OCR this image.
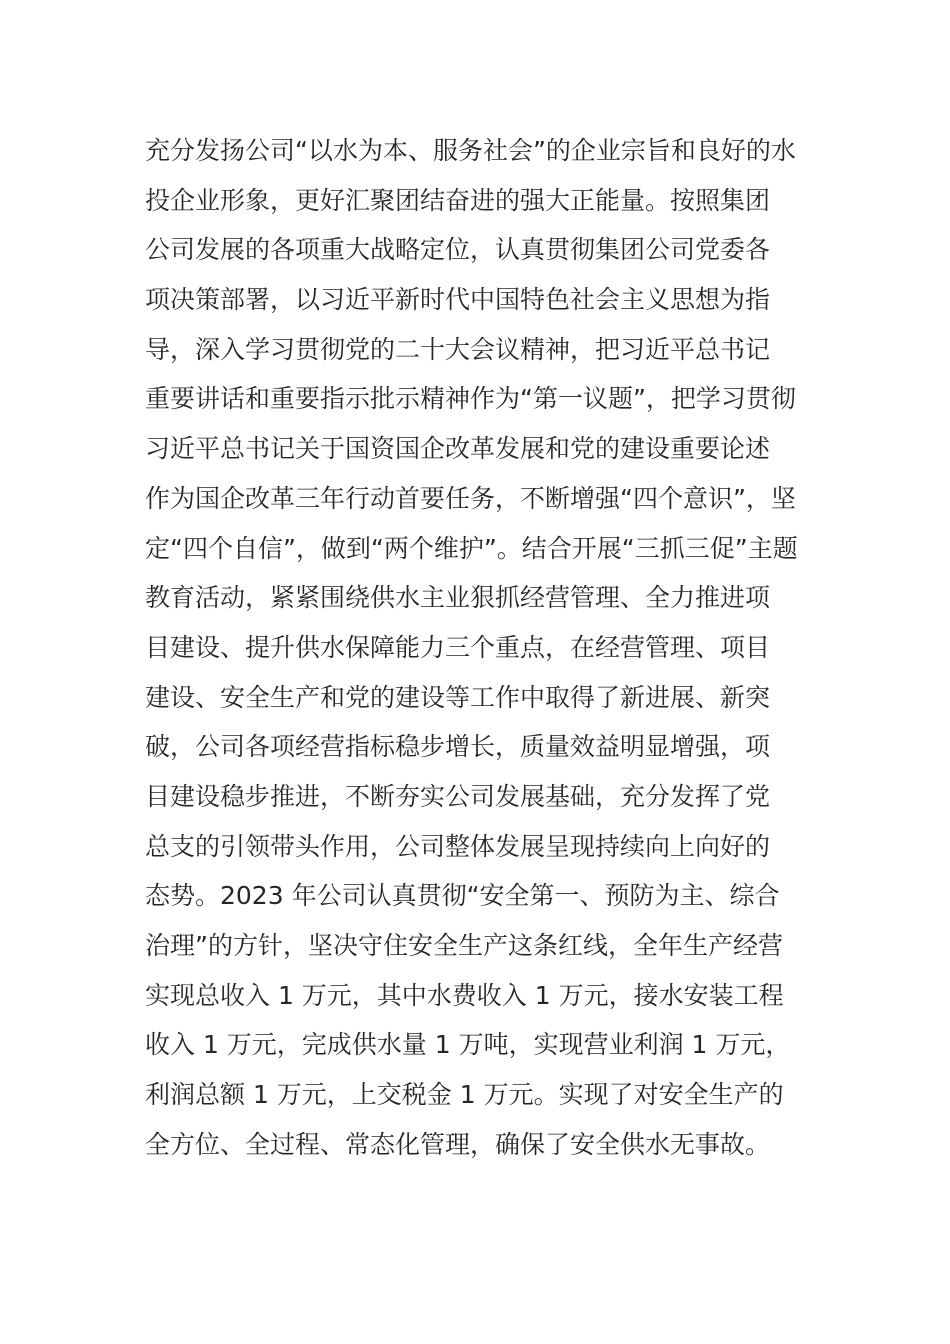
充分发扬公司“以水为本、服务社会”的企业宗旨和良好的水
投企业形象，更好汇聚团结奋进的强大正能量。按照集团
公司发展的各项重大战略定位，认真贯彻集团公司党委各
项决策部署，以习近平新时代中国特色社会主义思想为指
导，深入学习贯彻党的二十大会议精神，把习近平总书记
重要讲话和重要指示批示精神作为“第一议题”，把学习贯彻
习近平总书记关于国资国企改革发展和党的建设重要论述
作为国企改革三年行动首要任务，不断增强“四个意识”，坚
定“四个自信”，做到“两个维护”。结合开展“三抓三促”主题
教育活动，紧紧围绕供水主业狠抓经营管理、全力推进项
目建设、提升供水保障能力三个重点，在经营管理、项目
建设、安全生产和党的建设等工作中取得了新进展、新突
破，公司各项经营指标稳步增长，质量效益明显增强，项
目建设稳步推进，不断夯实公司发展基础，充分发挥了党
总支的引领带头作用，公司整体发展呈现持续向上向好的
态势。2023 年公司认真贯彻“安全第一、预防为主、综合
治理”的方针，坚决守住安全生产这条红线，全年生产经营
实现总收入 1 万元，其中水费收入 1 万元，接水安装工程
收入 1 万元，完成供水量 1 万吨，实现营业利润 1 万元，
利润总额 1 万元，上交税金 1 万元。实现了对安全生产的
全方位、全过程、常态化管理，确保了安全供水无事故。
